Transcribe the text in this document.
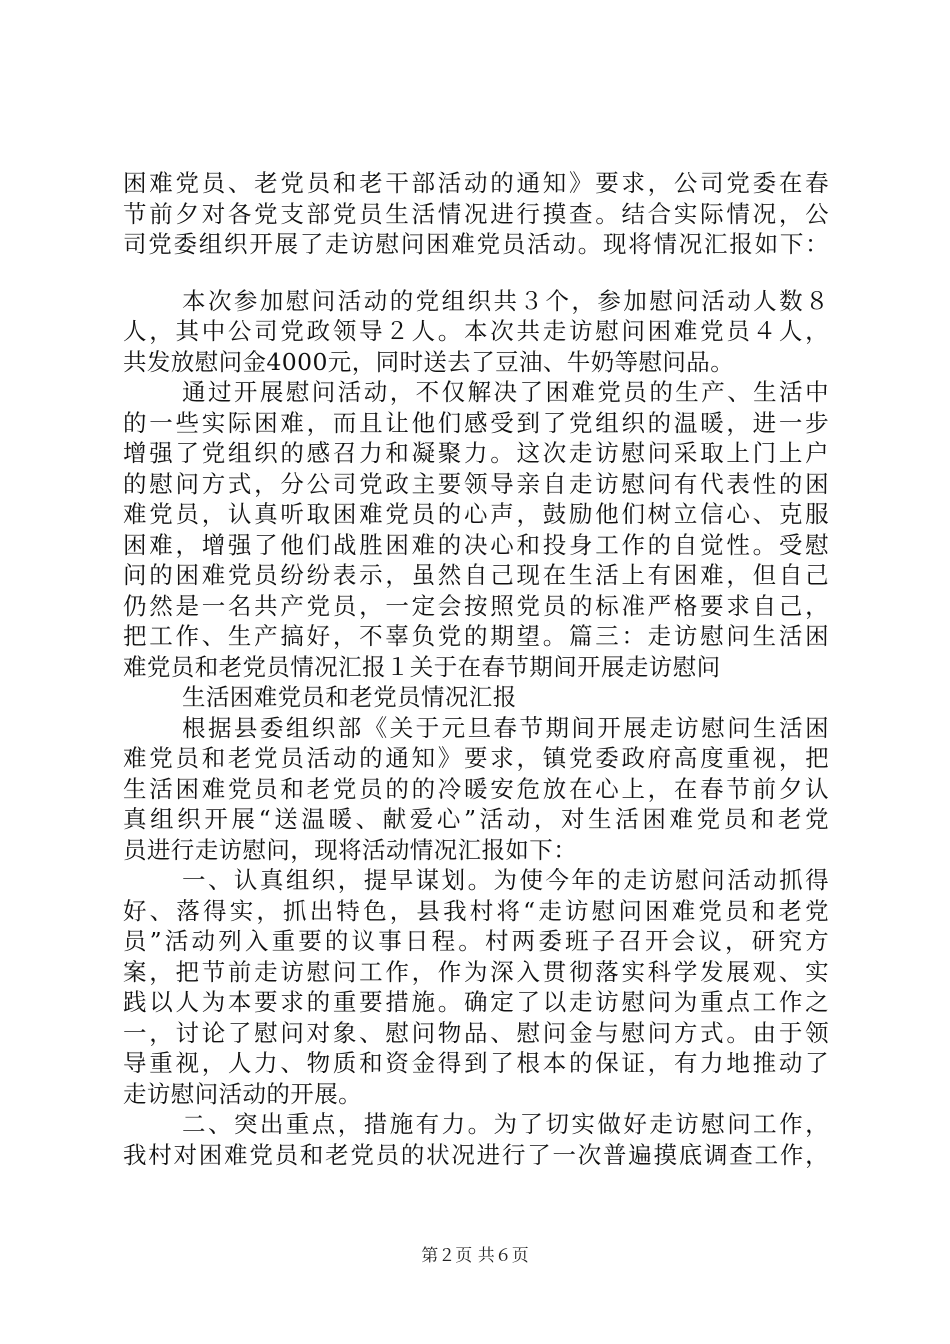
困难党员、老党员和老干部活动的通知》要求，公司党委在春
节前夕对各党支部党员生活情况进行摸查。结合实际情况，公
司党委组织开展了走访慰问困难党员活动。现将情况汇报如下：
本次参加慰问活动的党组织共３个，参加慰问活动人数８
人，其中公司党政领导２人。本次共走访慰问困难党员４人，
共发放慰问金4000元，同时送去了豆油、牛奶等慰问品。
通过开展慰问活动，不仅解决了困难党员的生产、生活中
的一些实际困难，而且让他们感受到了党组织的温暖，进一步
增强了党组织的感召力和凝聚力。这次走访慰问采取上门上户
的慰问方式，分公司党政主要领导亲自走访慰问有代表性的困
难党员，认真听取困难党员的心声，鼓励他们树立信心、克服
困难，增强了他们战胜困难的决心和投身工作的自觉性。受慰
问的困难党员纷纷表示，虽然自己现在生活上有困难，但自己
仍然是一名共产党员，一定会按照党员的标准严格要求自己，
把工作、生产搞好，不辜负党的期望。篇三：走访慰问生活困
难党员和老党员情况汇报１关于在春节期间开展走访慰问
生活困难党员和老党员情况汇报
根据县委组织部《关于元旦春节期间开展走访慰问生活困
难党员和老党员活动的通知》要求，镇党委政府高度重视，把
生活困难党员和老党员的的冷暖安危放在心上，在春节前夕认
真组织开展“送温暖、献爱心”活动，对生活困难党员和老党
员进行走访慰问，现将活动情况汇报如下：
一、认真组织，提早谋划。为使今年的走访慰问活动抓得
好、落得实，抓出特色，县我村将“走访慰问困难党员和老党
员”活动列入重要的议事日程。村两委班子召开会议，研究方
案，把节前走访慰问工作，作为深入贯彻落实科学发展观、实
践以人为本要求的重要措施。确定了以走访慰问为重点工作之
一，讨论了慰问对象、慰问物品、慰问金与慰问方式。由于领
导重视，人力、物质和资金得到了根本的保证，有力地推动了
走访慰问活动的开展。
二、突出重点，措施有力。为了切实做好走访慰问工作，
我村对困难党员和老党员的状况进行了一次普遍摸底调查工作，
第２页 共６页
